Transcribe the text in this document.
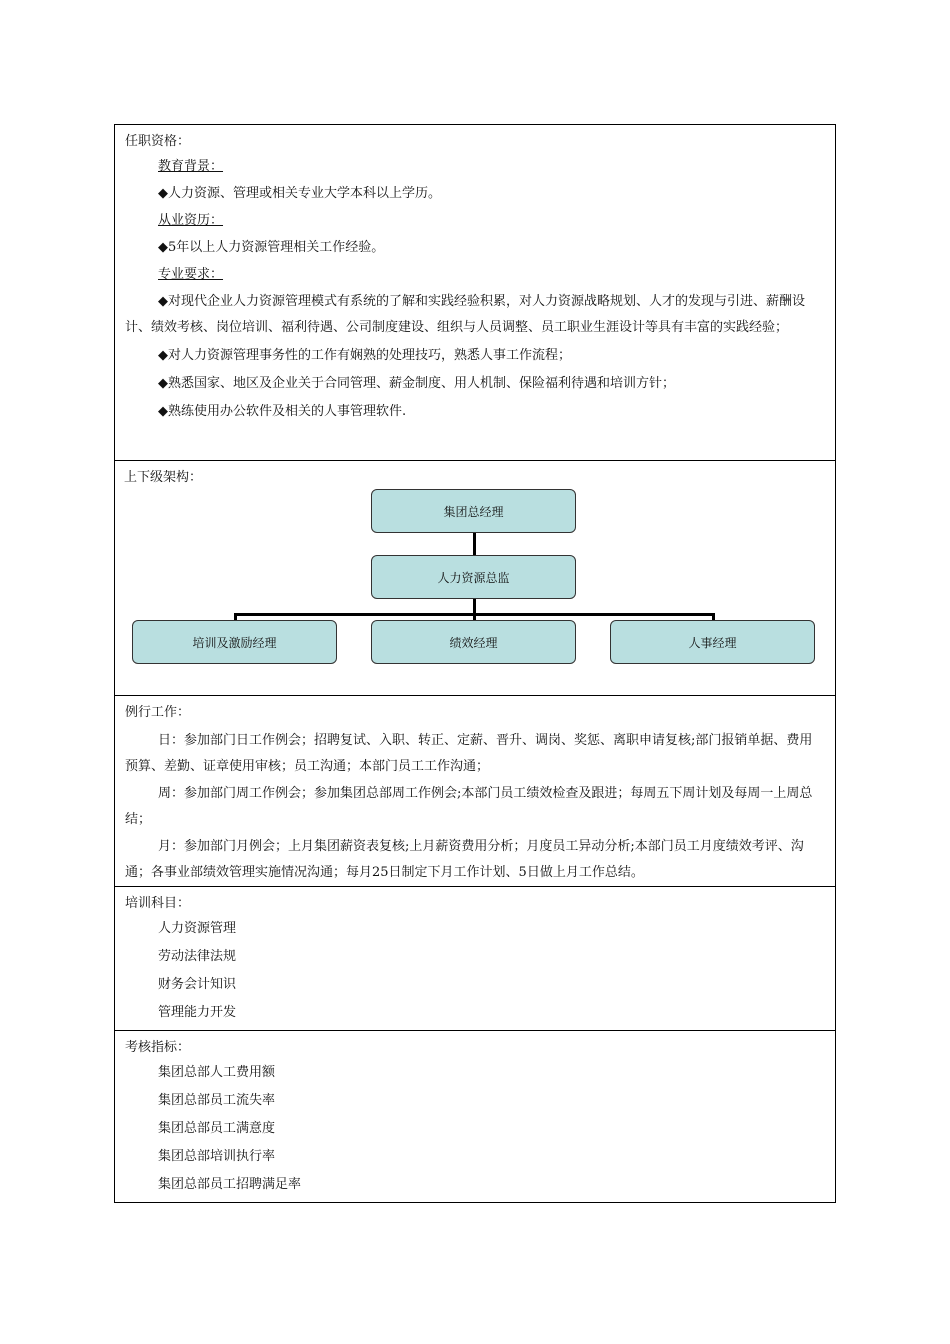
任职资格：
教育背景：

◆人力资源、管理或相关专业大学本科以上学历。

从业资历：

◆5年以上人力资源管理相关工作经验。

专业要求：

◆对现代企业人力资源管理模式有系统的了解和实践经验积累，对人力资源战略规划、人才的发现与引进、薪酬设计、绩效考核、岗位培训、福利待遇、公司制度建设、组织与人员调整、员工职业生涯设计等具有丰富的实践经验；

◆对人力资源管理事务性的工作有娴熟的处理技巧，熟悉人事工作流程；

◆熟悉国家、地区及企业关于合同管理、薪金制度、用人机制、保险福利待遇和培训方针；

◆熟练使用办公软件及相关的人事管理软件.

上下级架构：
集团总经理
人力资源总监
培训及激励经理	绩效经理	人事经理
例行工作：

日：参加部门日工作例会；招聘复试、入职、转正、定薪、晋升、调岗、奖惩、离职申请复核;部门报销单据、费用预算、差勤、证章使用审核；员工沟通；本部门员工工作沟通；

周：参加部门周工作例会；参加集团总部周工作例会;本部门员工绩效检查及跟进；每周五下周计划及每周一上周总结；

月：参加部门月例会；上月集团薪资表复核;上月薪资费用分析；月度员工异动分析;本部门员工月度绩效考评、沟通；各事业部绩效管理实施情况沟通；每月25日制定下月工作计划、5日做上月工作总结。

培训科目：
人力资源管理
劳动法律法规
财务会计知识
管理能力开发
考核指标：
集团总部人工费用额
集团总部员工流失率
集团总部员工满意度
集团总部培训执行率
集团总部员工招聘满足率
